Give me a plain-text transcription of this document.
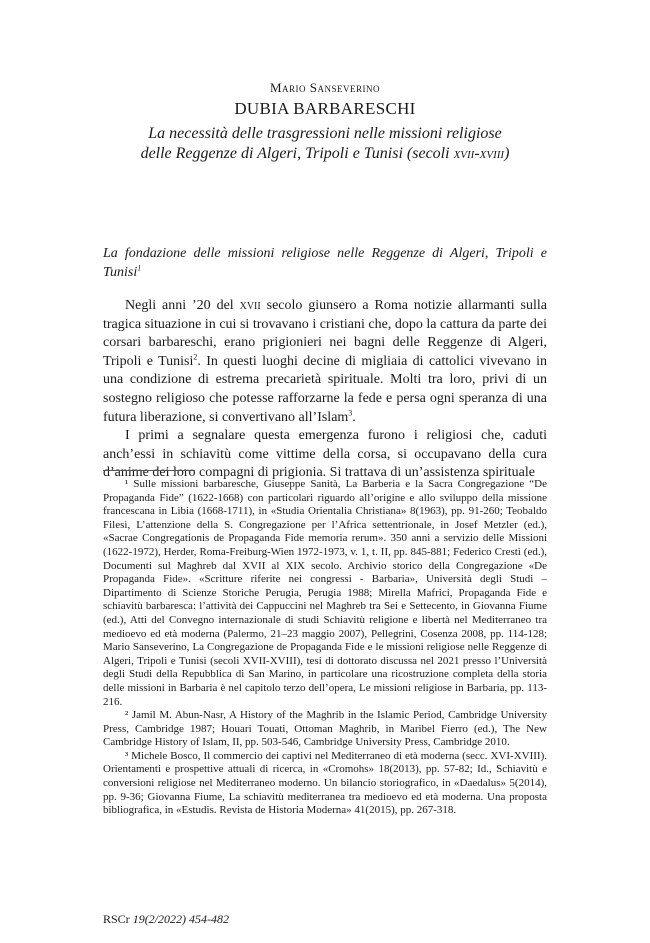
Mario Sanseverino
DUBIA BARBARESCHI
La necessità delle trasgressioni nelle missioni religiose
delle Reggenze di Algeri, Tripoli e Tunisi (secoli xvii-xviii)
La fondazione delle missioni religiose nelle Reggenze di Algeri, Tripoli e Tunisi$^1$

Negli anni ’20 del xvii secolo giunsero a Roma notizie allarmanti sulla tragica situazione in cui si trovavano i cristiani che, dopo la cattura da parte dei corsari barbareschi, erano prigionieri nei bagni delle Reggenze di Algeri, Tripoli e Tunisi$^2$. In questi luoghi decine di migliaia di cattolici vivevano in una condizione di estrema precarietà spirituale. Molti tra loro, privi di un sostegno religioso che potesse rafforzarne la fede e persa ogni speranza di una futura liberazione, si convertivano all’Islam$^3$.

I primi a segnalare questa emergenza furono i religiosi che, caduti anch’essi in schiavitù come vittime della corsa, si occupavano della cura d’anime dei loro compagni di prigionia. Si trattava di un’assistenza spirituale

¹ Sulle missioni barbaresche, Giuseppe Sanità, La Barberia e la Sacra Congregazione “De Propaganda Fide” (1622-1668) con particolari riguardo all’origine e allo sviluppo della missione francescana in Libia (1668-1711), in «Studia Orientalia Christiana» 8(1963), pp. 91-260; Teobaldo Filesi, L’attenzione della S. Congregazione per l’Africa settentrionale, in Josef Metzler (ed.), «Sacrae Congregationis de Propaganda Fide memoria rerum». 350 anni a servizio delle Missioni (1622-1972), Herder, Roma-Freiburg-Wien 1972-1973, v. 1, t. II, pp. 845-881; Federico Cresti (ed.), Documenti sul Maghreb dal XVII al XIX secolo. Archivio storico della Congregazione «De Propaganda Fide». «Scritture riferite nei congressi - Barbaria», Università degli Studi – Dipartimento di Scienze Storiche Perugia, Perugia 1988; Mirella Mafrici, Propaganda Fide e schiavitù barbaresca: l’attività dei Cappuccini nel Maghreb tra Sei e Settecento, in Giovanna Fiume (ed.), Atti del Convegno internazionale di studi Schiavitù religione e libertà nel Mediterraneo tra medioevo ed età moderna (Palermo, 21–23 maggio 2007), Pellegrini, Cosenza 2008, pp. 114-128; Mario Sanseverino, La Congregazione de Propaganda Fide e le missioni religiose nelle Reggenze di Algeri, Tripoli e Tunisi (secoli XVII-XVIII), tesi di dottorato discussa nel 2021 presso l’Università degli Studi della Repubblica di San Marino, in particolare una ricostruzione completa della storia delle missioni in Barbaria è nel capitolo terzo dell’opera, Le missioni religiose in Barbaria, pp. 113-216.

² Jamil M. Abun-Nasr, A History of the Maghrib in the Islamic Period, Cambridge University Press, Cambridge 1987; Houari Touati, Ottoman Maghrib, in Maribel Fierro (ed.), The New Cambridge History of Islam, II, pp. 503-546, Cambridge University Press, Cambridge 2010.

³ Michele Bosco, Il commercio dei captivi nel Mediterraneo di età moderna (secc. XVI-XVIII). Orientamenti e prospettive attuali di ricerca, in «Cromohs» 18(2013), pp. 57-82; Id., Schiavitù e conversioni religiose nel Mediterraneo moderno. Un bilancio storiografico, in «Daedalus» 5(2014), pp. 9-36; Giovanna Fiume, La schiavitù mediterranea tra medioevo ed età moderna. Una proposta bibliografica, in «Estudis. Revista de Historia Moderna» 41(2015), pp. 267-318.

RSCr 19(2/2022) 454-482
